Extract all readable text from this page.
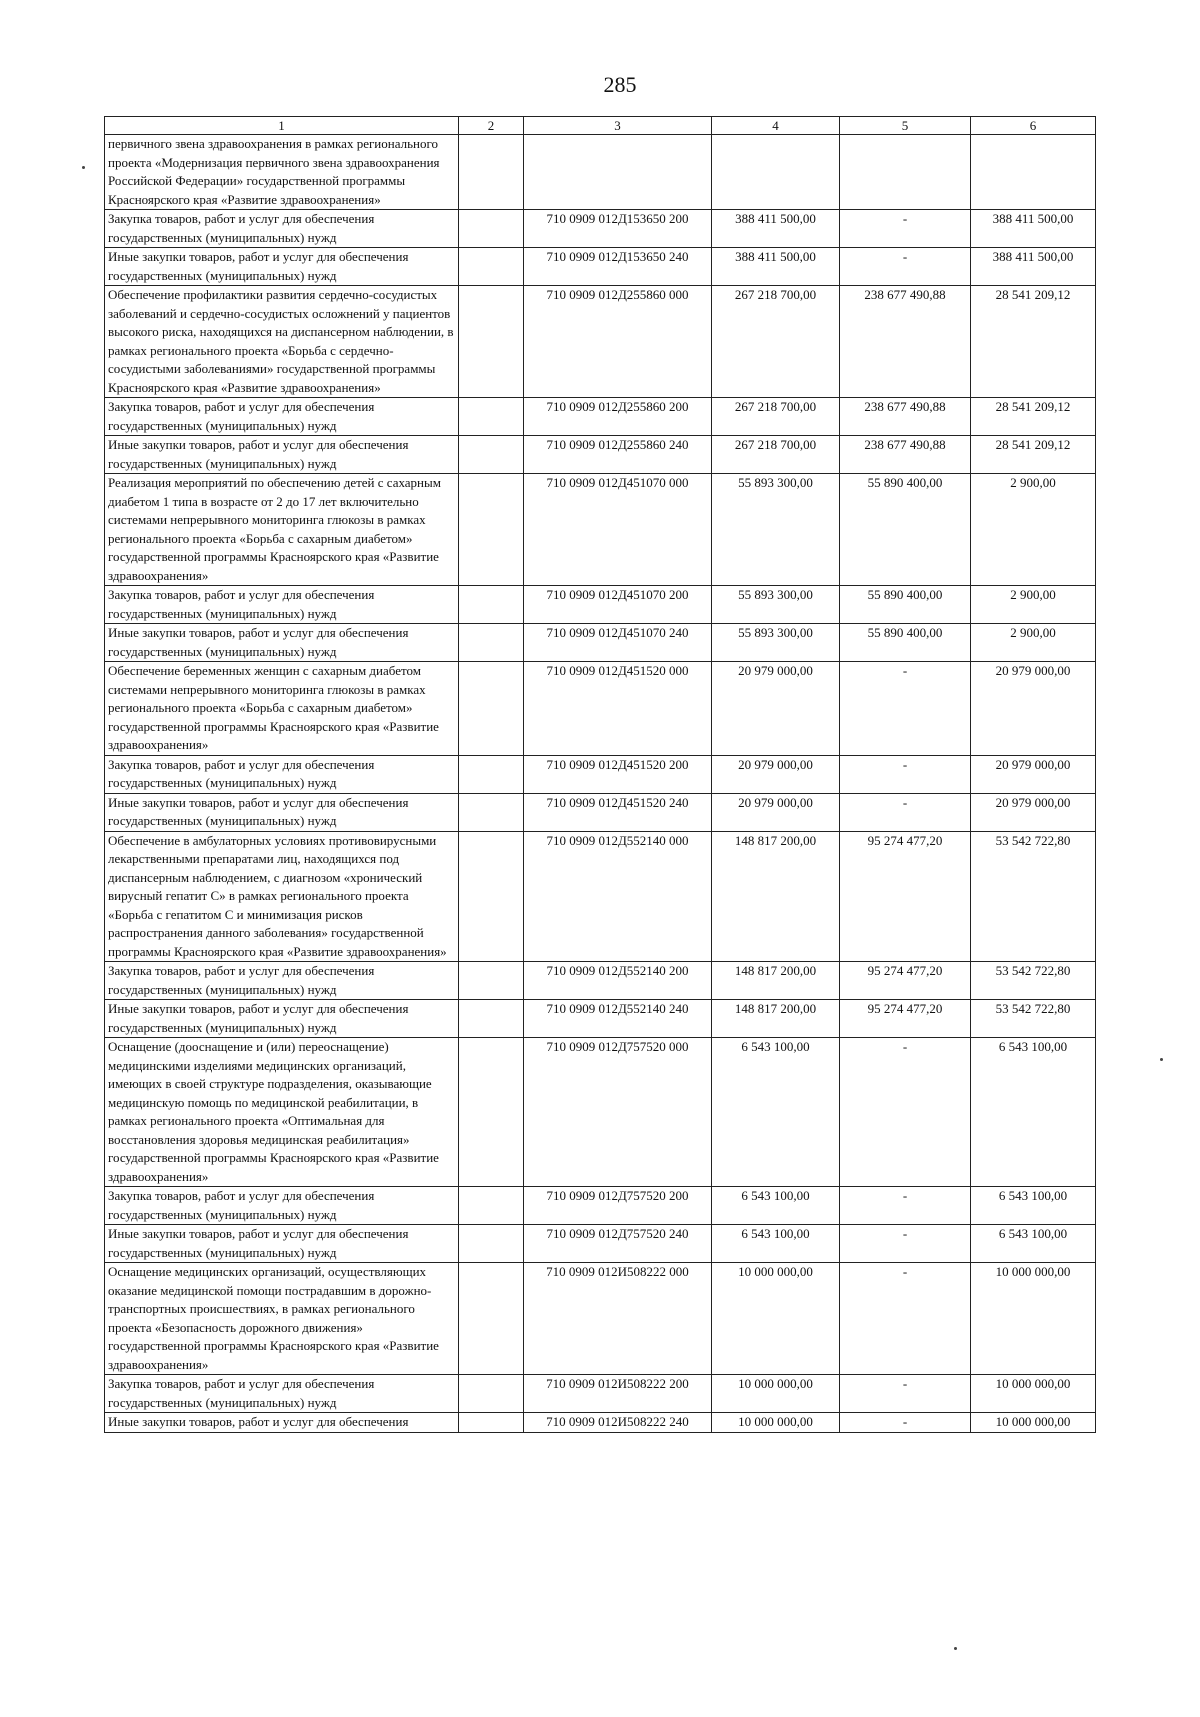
285
1	2	3	4	5	6
первичного звена здравоохранения в рамках регионального проекта «Модернизация первичного звена здравоохранения Российской Федерации» государственной программы Красноярского края «Развитие здравоохранения»					
Закупка товаров, работ и услуг для обеспечения государственных (муниципальных) нужд		710 0909 012Д153650 200	388 411 500,00	-	388 411 500,00
Иные закупки товаров, работ и услуг для обеспечения государственных (муниципальных) нужд		710 0909 012Д153650 240	388 411 500,00	-	388 411 500,00
Обеспечение профилактики развития сердечно-сосудистых заболеваний и сердечно-сосудистых осложнений у пациентов высокого риска, находящихся на диспансерном наблюдении, в рамках регионального проекта «Борьба с сердечно-сосудистыми заболеваниями» государственной программы Красноярского края «Развитие здравоохранения»		710 0909 012Д255860 000	267 218 700,00	238 677 490,88	28 541 209,12
Закупка товаров, работ и услуг для обеспечения государственных (муниципальных) нужд		710 0909 012Д255860 200	267 218 700,00	238 677 490,88	28 541 209,12
Иные закупки товаров, работ и услуг для обеспечения государственных (муниципальных) нужд		710 0909 012Д255860 240	267 218 700,00	238 677 490,88	28 541 209,12
Реализация мероприятий по обеспечению детей с сахарным диабетом 1 типа в возрасте от 2 до 17 лет включительно системами непрерывного мониторинга глюкозы в рамках регионального проекта «Борьба с сахарным диабетом» государственной программы Красноярского края «Развитие здравоохранения»		710 0909 012Д451070 000	55 893 300,00	55 890 400,00	2 900,00
Закупка товаров, работ и услуг для обеспечения государственных (муниципальных) нужд		710 0909 012Д451070 200	55 893 300,00	55 890 400,00	2 900,00
Иные закупки товаров, работ и услуг для обеспечения государственных (муниципальных) нужд		710 0909 012Д451070 240	55 893 300,00	55 890 400,00	2 900,00
Обеспечение беременных женщин с сахарным диабетом системами непрерывного мониторинга глюкозы в рамках регионального проекта «Борьба с сахарным диабетом» государственной программы Красноярского края «Развитие здравоохранения»		710 0909 012Д451520 000	20 979 000,00	-	20 979 000,00
Закупка товаров, работ и услуг для обеспечения государственных (муниципальных) нужд		710 0909 012Д451520 200	20 979 000,00	-	20 979 000,00
Иные закупки товаров, работ и услуг для обеспечения государственных (муниципальных) нужд		710 0909 012Д451520 240	20 979 000,00	-	20 979 000,00
Обеспечение в амбулаторных условиях противовирусными лекарственными препаратами лиц, находящихся под диспансерным наблюдением, с диагнозом «хронический вирусный гепатит С» в рамках регионального проекта «Борьба с гепатитом С и минимизация рисков распространения данного заболевания» государственной программы Красноярского края «Развитие здравоохранения»		710 0909 012Д552140 000	148 817 200,00	95 274 477,20	53 542 722,80
Закупка товаров, работ и услуг для обеспечения государственных (муниципальных) нужд		710 0909 012Д552140 200	148 817 200,00	95 274 477,20	53 542 722,80
Иные закупки товаров, работ и услуг для обеспечения государственных (муниципальных) нужд		710 0909 012Д552140 240	148 817 200,00	95 274 477,20	53 542 722,80
Оснащение (дооснащение и (или) переоснащение) медицинскими изделиями медицинских организаций, имеющих в своей структуре подразделения, оказывающие медицинскую помощь по медицинской реабилитации, в рамках регионального проекта «Оптимальная для восстановления здоровья медицинская реабилитация» государственной программы Красноярского края «Развитие здравоохранения»		710 0909 012Д757520 000	6 543 100,00	-	6 543 100,00
Закупка товаров, работ и услуг для обеспечения государственных (муниципальных) нужд		710 0909 012Д757520 200	6 543 100,00	-	6 543 100,00
Иные закупки товаров, работ и услуг для обеспечения государственных (муниципальных) нужд		710 0909 012Д757520 240	6 543 100,00	-	6 543 100,00
Оснащение медицинских организаций, осуществляющих оказание медицинской помощи пострадавшим в дорожно-транспортных происшествиях, в рамках регионального проекта «Безопасность дорожного движения» государственной программы Красноярского края «Развитие здравоохранения»		710 0909 012И508222 000	10 000 000,00	-	10 000 000,00
Закупка товаров, работ и услуг для обеспечения государственных (муниципальных) нужд		710 0909 012И508222 200	10 000 000,00	-	10 000 000,00
Иные закупки товаров, работ и услуг для обеспечения		710 0909 012И508222 240	10 000 000,00	-	10 000 000,00
